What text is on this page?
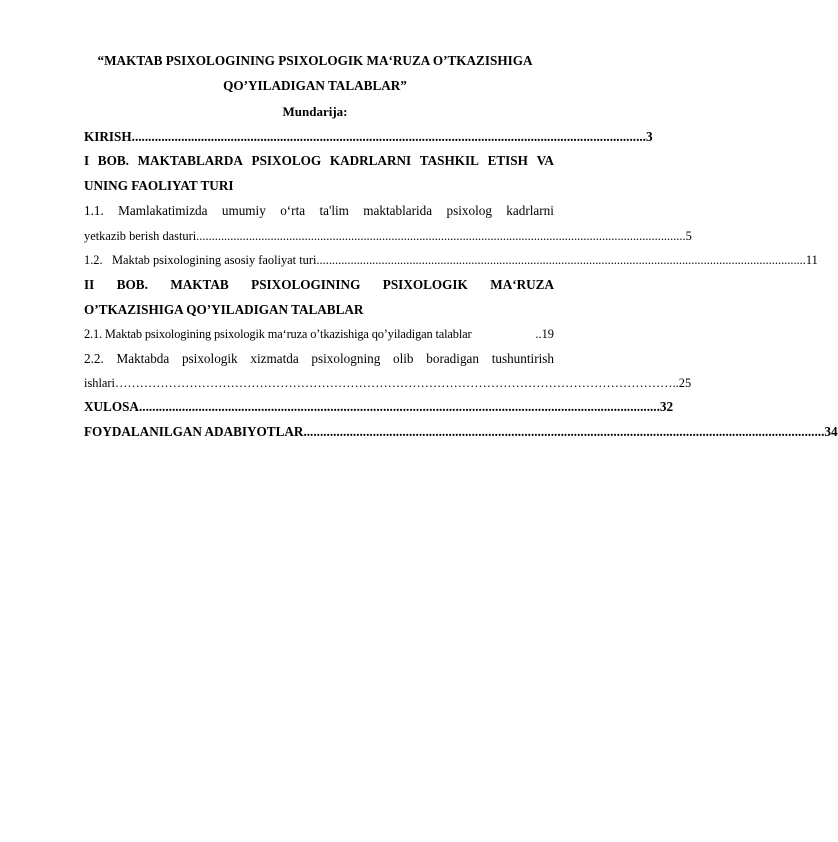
“MAKTAB PSIXOLOGINING PSIXOLOGIK MA‘RUZA O’TKAZISHIGA
QO’YILADIGAN TALABLAR”
Mundarija:
KIRISH ............................................................................................................................................................ 3
I BOB. MAKTABLARDA PSIXOLOG KADRLARNI TASHKIL ETISH VA
UNING FAOLIYAT TURI
1.1. Mamlakatimizda umumiy o‘rta ta'lim maktablarida psixolog kadrlarni
yetkazib berish dasturi .............................................................................................................................................................. 5
1.2. Maktab psixologining asosiy faoliyat turi .............................................................................................................................................................. 11
II BOB. MAKTAB PSIXOLOGINING PSIXOLOGIK MA‘RUZA
O’TKAZISHIGA QO’YILADIGAN TALABLAR
2.1. Maktab psixologining psixologik ma‘ruza o’tkazishiga qo’yiladigan talablar	..19
2.2. Maktabda psixologik xizmatda psixologning olib boradigan tushuntirish
ishlari ……………………………………………………………………………………………………………………… ..25
XULOSA .............................................................................................................................................................. 32
FOYDALANILGAN ADABIYOTLAR .............................................................................................................................................................. 34
